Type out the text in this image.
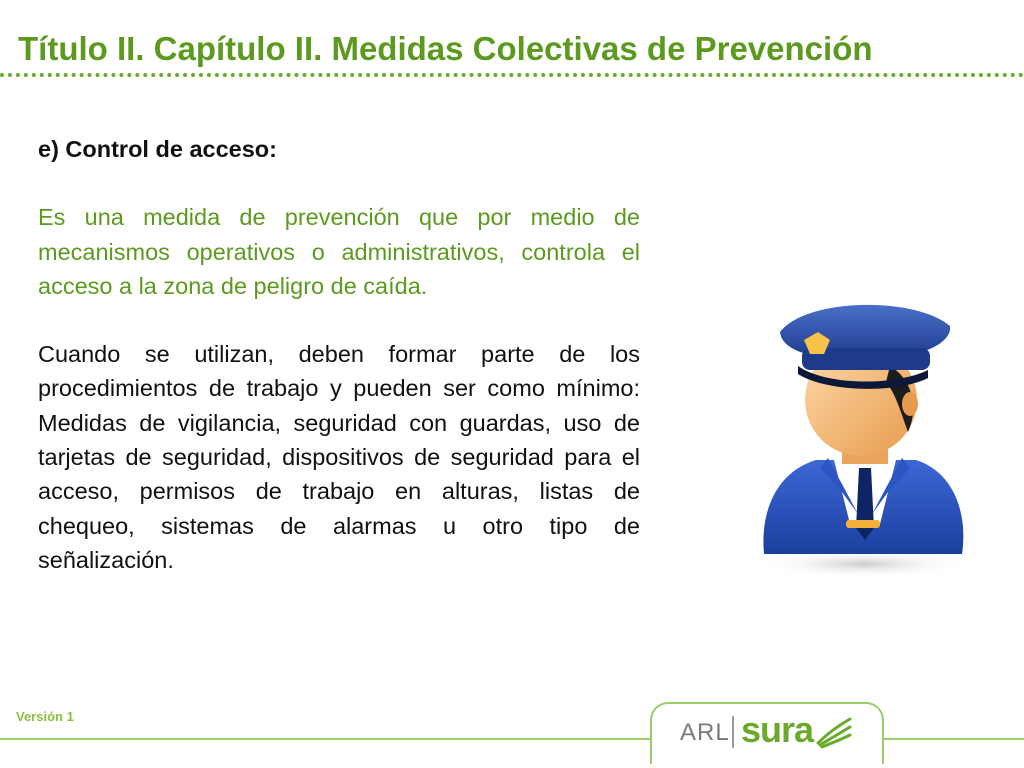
Título II. Capítulo II. Medidas Colectivas de Prevención

e) Control de acceso:

Es una medida de prevención que por medio de mecanismos operativos o administrativos, controla el acceso a la zona de peligro de caída.

Cuando se utilizan, deben formar parte de los procedimientos de trabajo y pueden ser como mínimo: Medidas de vigilancia, seguridad con guardas, uso de tarjetas de seguridad, dispositivos de seguridad para el acceso, permisos de trabajo en alturas, listas de chequeo, sistemas de alarmas u otro tipo de señalización.

Versión 1
ARL sura
